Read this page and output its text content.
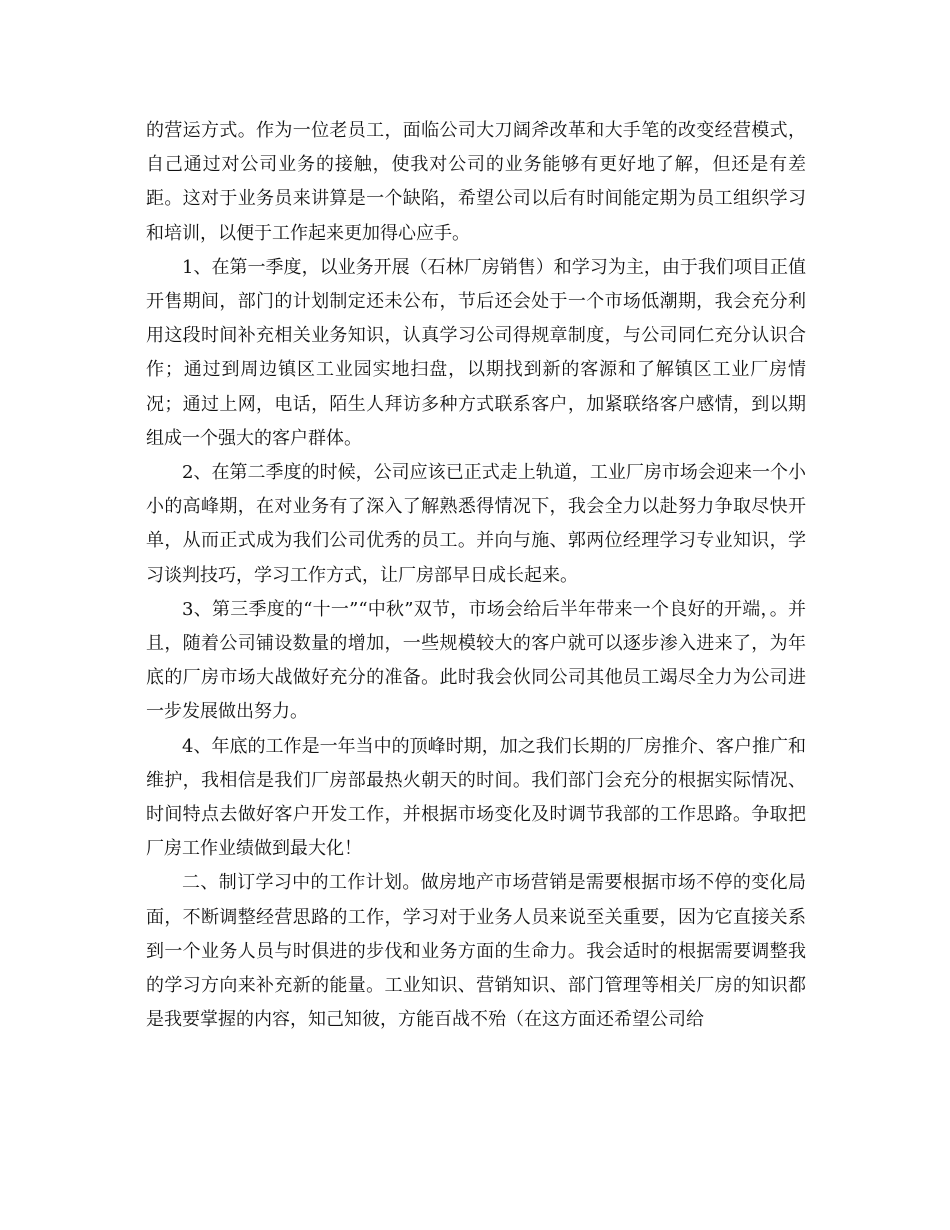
的营运方式。作为一位老员工，面临公司大刀阔斧改革和大手笔的改变经营模式，自己通过对公司业务的接触，使我对公司的业务能够有更好地了解，但还是有差距。这对于业务员来讲算是一个缺陷，希望公司以后有时间能定期为员工组织学习和培训，以便于工作起来更加得心应手。

1、在第一季度，以业务开展（石林厂房销售）和学习为主，由于我们项目正值开售期间，部门的计划制定还未公布，节后还会处于一个市场低潮期，我会充分利用这段时间补充相关业务知识，认真学习公司得规章制度，与公司同仁充分认识合作；通过到周边镇区工业园实地扫盘，以期找到新的客源和了解镇区工业厂房情况；通过上网，电话，陌生人拜访多种方式联系客户，加紧联络客户感情，到以期组成一个强大的客户群体。

2、在第二季度的时候，公司应该已正式走上轨道，工业厂房市场会迎来一个小小的高峰期，在对业务有了深入了解熟悉得情况下，我会全力以赴努力争取尽快开单，从而正式成为我们公司优秀的员工。并向与施、郭两位经理学习专业知识，学习谈判技巧，学习工作方式，让厂房部早日成长起来。

3、第三季度的“十一”“中秋”双节，市场会给后半年带来一个良好的开端，。并且，随着公司铺设数量的增加，一些规模较大的客户就可以逐步渗入进来了，为年底的厂房市场大战做好充分的准备。此时我会伙同公司其他员工竭尽全力为公司进一步发展做出努力。

4、年底的工作是一年当中的顶峰时期，加之我们长期的厂房推介、客户推广和维护，我相信是我们厂房部最热火朝天的时间。我们部门会充分的根据实际情况、时间特点去做好客户开发工作，并根据市场变化及时调节我部的工作思路。争取把厂房工作业绩做到最大化！

二、制订学习中的工作计划。做房地产市场营销是需要根据市场不停的变化局面，不断调整经营思路的工作，学习对于业务人员来说至关重要，因为它直接关系到一个业务人员与时俱进的步伐和业务方面的生命力。我会适时的根据需要调整我的学习方向来补充新的能量。工业知识、营销知识、部门管理等相关厂房的知识都是我要掌握的内容，知己知彼，方能百战不殆（在这方面还希望公司给
